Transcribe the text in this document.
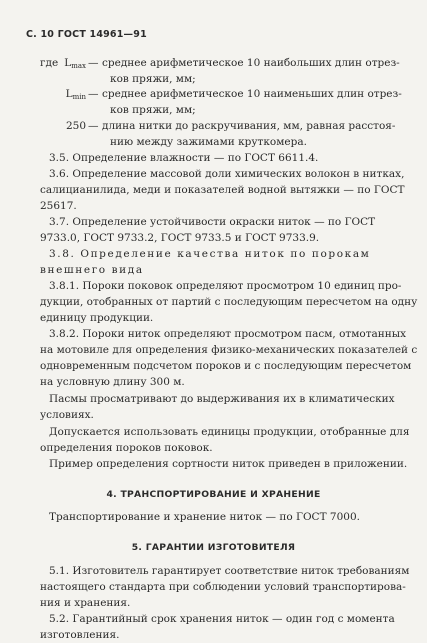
С. 10 ГОСТ 14961—91
где $L_{max}$ — среднее арифметическое 10 наибольших длин отрез-
ков пряжи, мм;
$L_{min}$ — среднее арифметическое 10 наименьших длин отрез-
ков пряжи, мм;
250 — длина нитки до раскручивания, мм, равная расстоя-
нию между зажимами круткомера.
3.5. Определение влажности — по ГОСТ 6611.4.
3.6. Определение массовой доли химических волокон в нитках,
салицианилида, меди и показателей водной вытяжки — по ГОСТ
25617.
3.7. Определение устойчивости окраски ниток — по ГОСТ
9733.0, ГОСТ 9733.2, ГОСТ 9733.5 и ГОСТ 9733.9.
3.8. Определение качества ниток по порокам
внешнего вида
3.8.1. Пороки поковок определяют просмотром 10 единиц про-
дукции, отобранных от партий с последующим пересчетом на одну
единицу продукции.
3.8.2. Пороки ниток определяют просмотром пасм, отмотанных
на мотовиле для определения физико-механических показателей с
одновременным подсчетом пороков и с последующим пересчетом
на условную длину 300 м.
Пасмы просматривают до выдерживания их в климатических
условиях.
Допускается использовать единицы продукции, отобранные для
определения пороков поковок.
Пример определения сортности ниток приведен в приложении.
4. ТРАНСПОРТИРОВАНИЕ И ХРАНЕНИЕ
Транспортирование и хранение ниток — по ГОСТ 7000.
5. ГАРАНТИИ ИЗГОТОВИТЕЛЯ
5.1. Изготовитель гарантирует соответствие ниток требованиям
настоящего стандарта при соблюдении условий транспортирова-
ния и хранения.
5.2. Гарантийный срок хранения ниток — один год с момента
изготовления.
